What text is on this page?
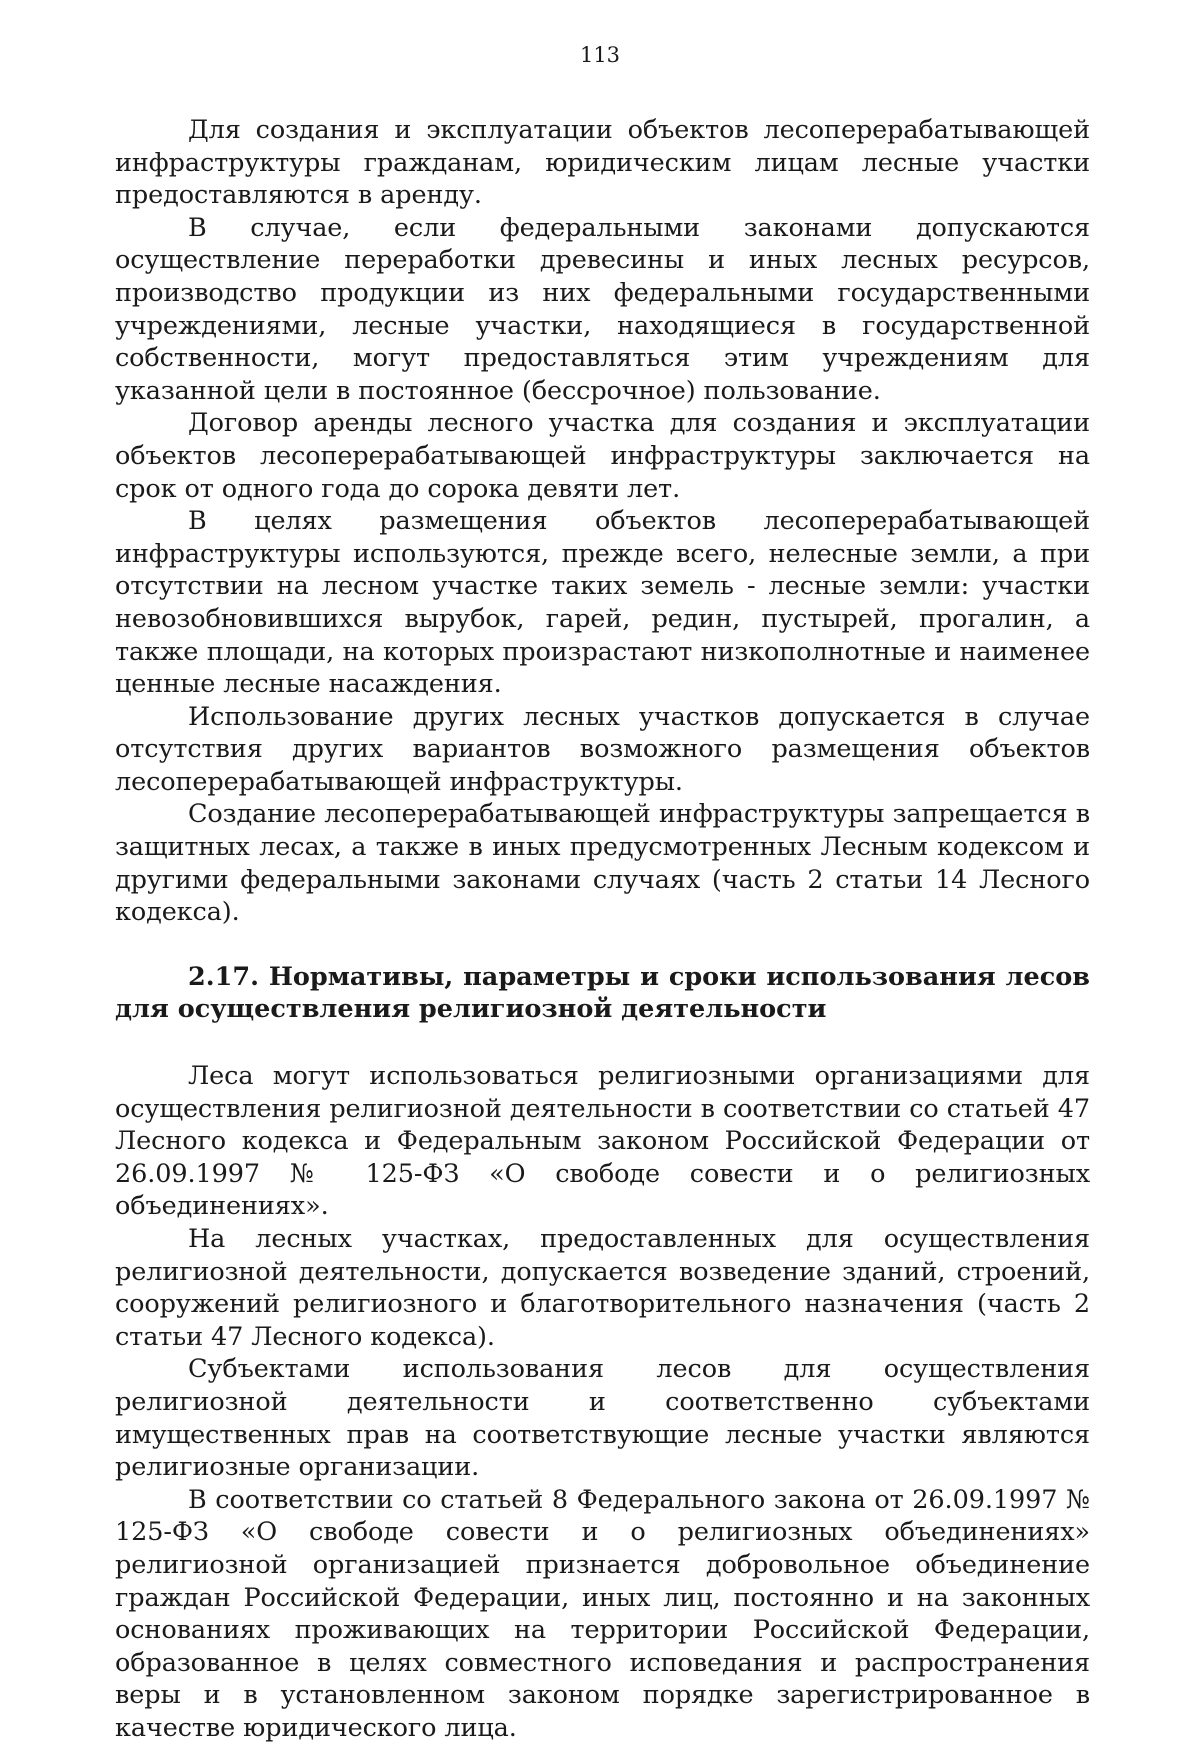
113

Для создания и эксплуатации объектов лесоперерабатывающей инфраструктуры гражданам, юридическим лицам лесные участки предоставляются в аренду.

В случае, если федеральными законами допускаются осуществление переработки древесины и иных лесных ресурсов, производство продукции из них федеральными государственными учреждениями, лесные участки, находящиеся в государственной собственности, могут предоставляться этим учреждениям для указанной цели в постоянное (бессрочное) пользование.

Договор аренды лесного участка для создания и эксплуатации объектов лесоперерабатывающей инфраструктуры заключается на срок от одного года до сорока девяти лет.

В целях размещения объектов лесоперерабатывающей инфраструктуры используются, прежде всего, нелесные земли, а при отсутствии на лесном участке таких земель - лесные земли: участки невозобновившихся вырубок, гарей, редин, пустырей, прогалин, а также площади, на которых произрастают низкополнотные и наименее ценные лесные насаждения.

Использование других лесных участков допускается в случае отсутствия других вариантов возможного размещения объектов лесоперерабатывающей инфраструктуры.

Создание лесоперерабатывающей инфраструктуры запрещается в защитных лесах, а также в иных предусмотренных Лесным кодексом и другими федеральными законами случаях (часть 2 статьи 14 Лесного кодекса).

2.17. Нормативы, параметры и сроки использования лесов для осуществления религиозной деятельности

Леса могут использоваться религиозными организациями для осуществления религиозной деятельности в соответствии со статьей 47 Лесного кодекса и Федеральным законом Российской Федерации от 26.09.1997 № 125-ФЗ «О свободе совести и о религиозных объединениях».

На лесных участках, предоставленных для осуществления религиозной деятельности, допускается возведение зданий, строений, сооружений религиозного и благотворительного назначения (часть 2 статьи 47 Лесного кодекса).

Субъектами использования лесов для осуществления религиозной деятельности и соответственно субъектами имущественных прав на соответствующие лесные участки являются религиозные организации.

В соответствии со статьей 8 Федерального закона от 26.09.1997 № 125-ФЗ «О свободе совести и о религиозных объединениях» религиозной организацией признается добровольное объединение граждан Российской Федерации, иных лиц, постоянно и на законных основаниях проживающих на территории Российской Федерации, образованное в целях совместного исповедания и распространения веры и в установленном законом порядке зарегистрированное в качестве юридического лица.
